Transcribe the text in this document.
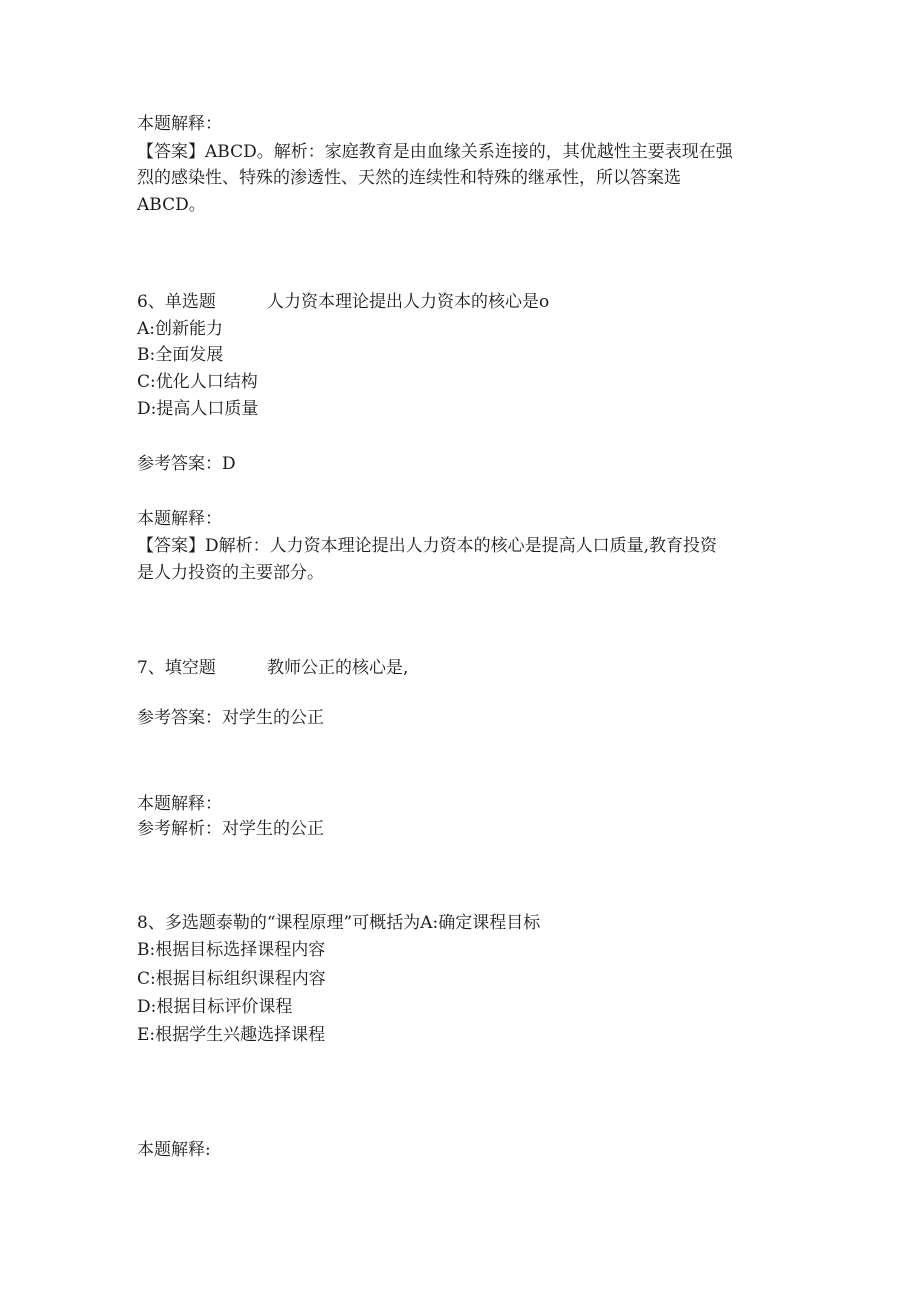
本题解释：
【答案】ABCD。解析：家庭教育是由血缘关系连接的，其优越性主要表现在强
烈的感染性、特殊的渗透性、天然的连续性和特殊的继承性，所以答案选
ABCD。
6、单选题	人力资本理论提出人力资本的核心是o
A:创新能力
B:全面发展
C:优化人口结构
D:提高人口质量
参考答案：D
本题解释：
【答案】D解析：人力资本理论提出人力资本的核心是提高人口质量,教育投资
是人力投资的主要部分。
7、填空题	教师公正的核心是,
参考答案：对学生的公正
本题解释：
参考解析：对学生的公正
8、多选题泰勒的“课程原理”可概括为A:确定课程目标
B:根据目标选择课程内容
C:根据目标组织课程内容
D:根据目标评价课程
E:根据学生兴趣选择课程
本题解释:
